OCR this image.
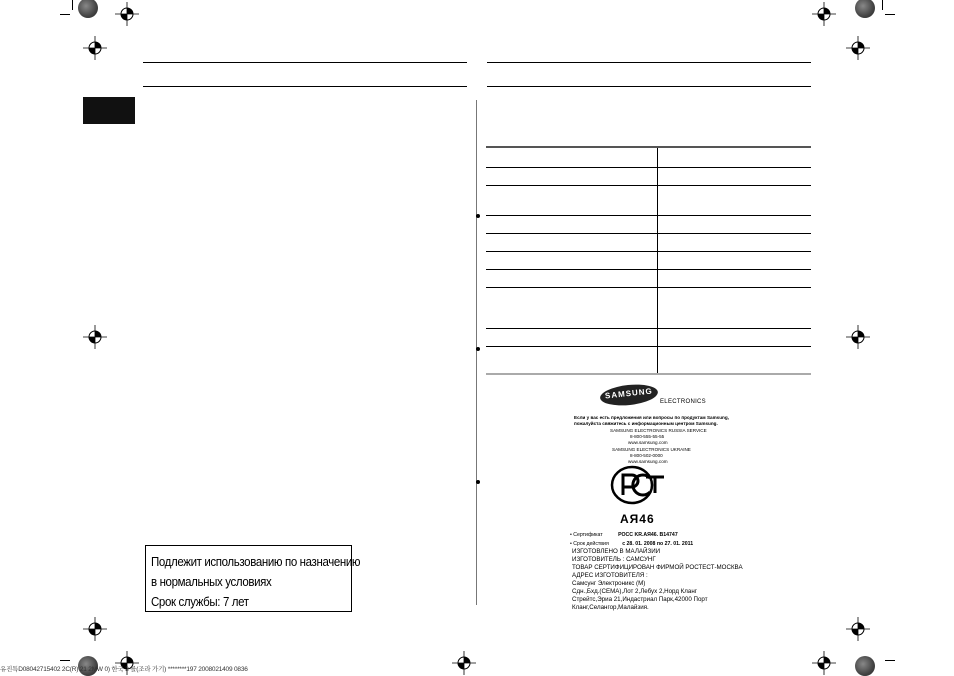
Подлежит использованию по назначению
в нормальных условиях
Срок службы: 7 лет
SAMSUNG
ELECTRONICS
Если у вас есть предложения или вопросы по продуктам Samsung,
пожалуйста свяжитесь с информационным центром Samsung.
SAMSUNG ELECTRONICS RUSSIA SERVICE
8-800-555-55-55
www.samsung.com
SAMSUNG ELECTRONICS UKRAINE
8-800-502-0000
www.samsung.com
АЯ46
• Сертификат	РОСС KR.АЯ46. В14747
• Срок действия	с 28. 01. 2008 по 27. 01. 2011
ИЗГОТОВЛЕНО В МАЛАЙЗИИ
ИЗГОТОВИТЕЛЬ : САМСУНГ
ТОВАР СЕРТИФИЦИРОВАН ФИРМОЙ РОСТЕСТ-МОСКВА
АДРЕС ИЗГОТОВИТЕЛЯ :
Самсунг Электроникс (М)
Сдн.,Бхд.(СЕМА),Лот 2,Лебух 2,Норд Кланг
Стрейтс,Эриа 21,Индастриал Парк,42000 Порт
Кланг,Селангор,Малайзия.
유진특D08042715402 2C(R) 21 2MW 0) 한국 2 를(조라 가기) ********197 2008021409 0836
